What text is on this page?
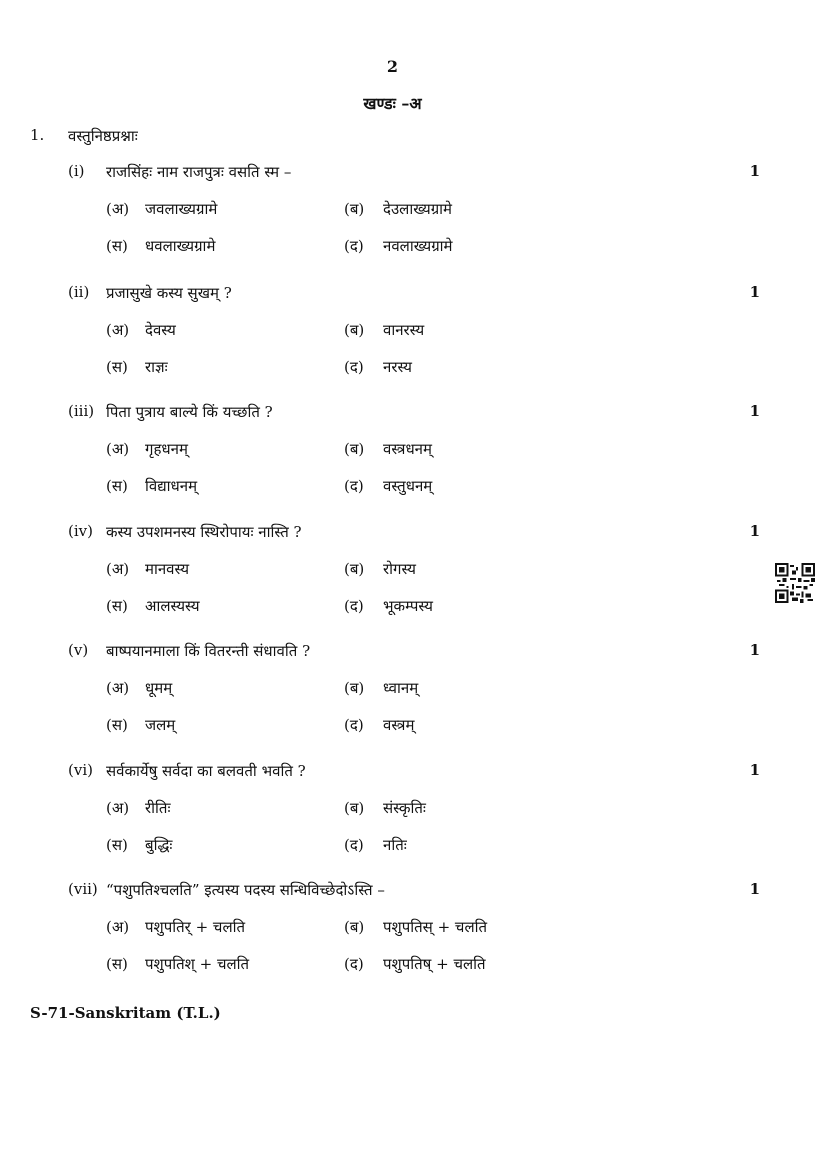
2
खण्डः –अ
1. वस्तुनिष्ठप्रश्नाः
(i) राजसिंहः नाम राजपुत्रः वसति स्म –	1
(अ) जवलाख्यग्रामे	(ब) देउलाख्यग्रामे
(स) धवलाख्यग्रामे	(द) नवलाख्यग्रामे
(ii) प्रजासुखे कस्य सुखम् ?	1
(अ) देवस्य	(ब) वानरस्य
(स) राज्ञः	(द) नरस्य
(iii) पिता पुत्राय बाल्ये किं यच्छति ?	1
(अ) गृहधनम्	(ब) वस्त्रधनम्
(स) विद्याधनम्	(द) वस्तुधनम्
(iv) कस्य उपशमनस्य स्थिरोपायः नास्ति ?	1
(अ) मानवस्य	(ब) रोगस्य
(स) आलस्यस्य	(द) भूकम्पस्य
(v) बाष्पयानमाला किं वितरन्ती संधावति ?	1
(अ) धूमम्	(ब) ध्वानम्
(स) जलम्	(द) वस्त्रम्
(vi) सर्वकार्येषु सर्वदा का बलवती भवति ?	1
(अ) रीतिः	(ब) संस्कृतिः
(स) बुद्धिः	(द) नतिः
(vii) “पशुपतिश्चलति” इत्यस्य पदस्य सन्धिविच्छेदोऽस्ति –	1
(अ) पशुपतिर् + चलति	(ब) पशुपतिस् + चलति
(स) पशुपतिश् + चलति	(द) पशुपतिष् + चलति
S-71-Sanskritam (T.L.)
